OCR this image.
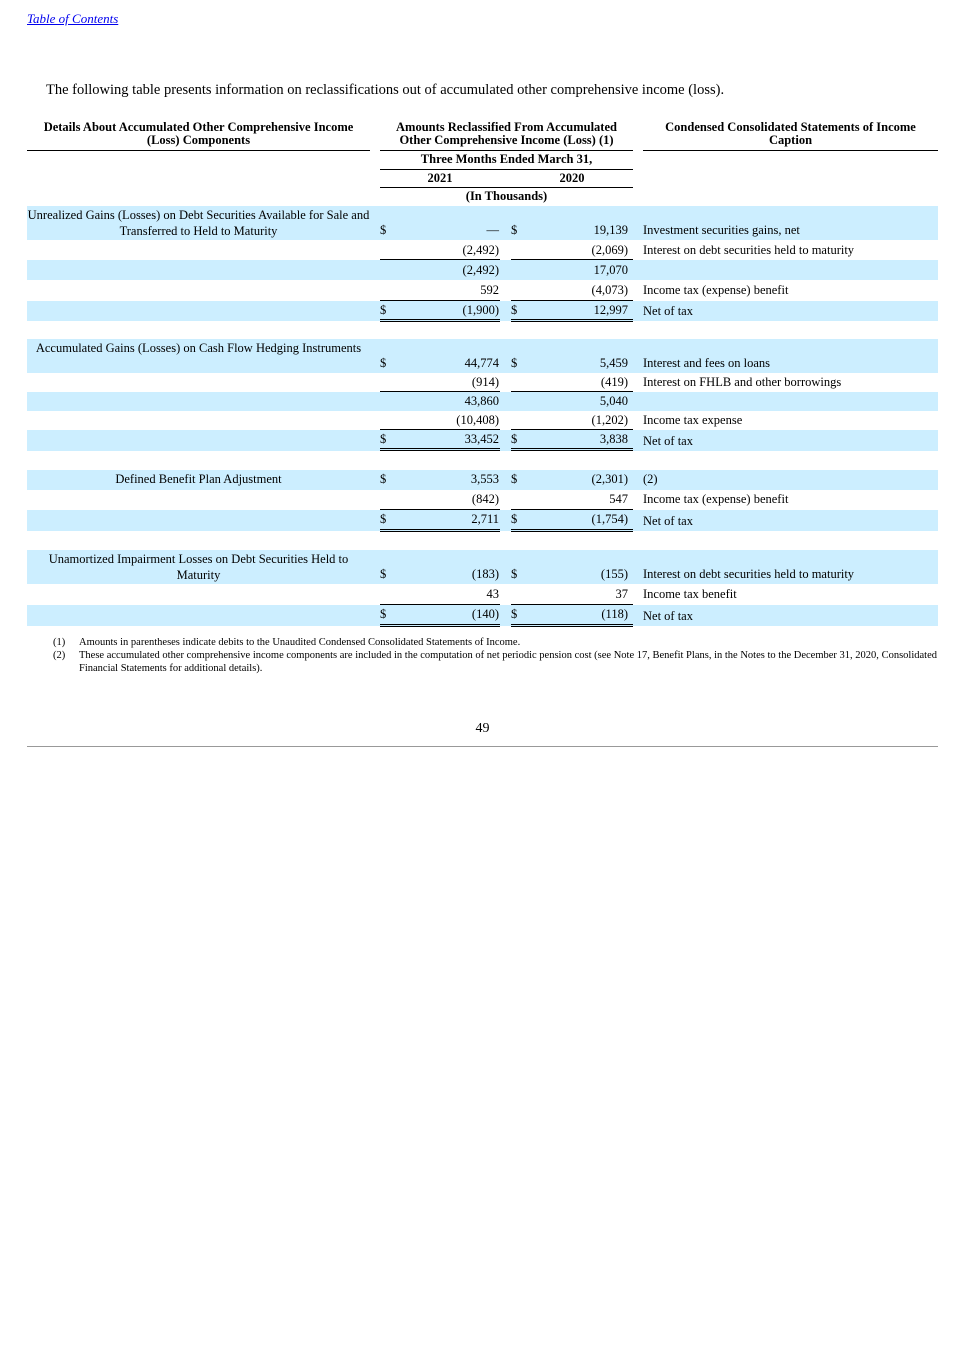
Table of Contents
The following table presents information on reclassifications out of accumulated other comprehensive income (loss).
Details About Accumulated Other Comprehensive Income (Loss) Components
Amounts Reclassified From Accumulated Other Comprehensive Income (Loss) (1)
Condensed Consolidated Statements of Income Caption
Three Months Ended March 31,
2021	2020
(In Thousands)
Unrealized Gains (Losses) on Debt Securities Available for Sale and Transferred to Held to Maturity	$	— $	19,139 Investment securities gains, net
(2,492)	(2,069) Interest on debt securities held to maturity
(2,492)	17,070
592	(4,073) Income tax (expense) benefit
$	(1,900) $	12,997 Net of tax
Accumulated Gains (Losses) on Cash Flow Hedging Instruments
$	44,774 $	5,459 Interest and fees on loans
(914)	(419) Interest on FHLB and other borrowings
43,860	5,040
(10,408)	(1,202) Income tax expense
$	33,452 $	3,838 Net of tax
Defined Benefit Plan Adjustment	$	3,553 $	(2,301) (2)
(842)	547 Income tax (expense) benefit
$	2,711 $	(1,754) Net of tax
Unamortized Impairment Losses on Debt Securities Held to Maturity	$	(183) $	(155) Interest on debt securities held to maturity
43	37 Income tax benefit
$	(140) $	(118) Net of tax
(1) Amounts in parentheses indicate debits to the Unaudited Condensed Consolidated Statements of Income.
(2) These accumulated other comprehensive income components are included in the computation of net periodic pension cost (see Note 17, Benefit Plans, in the Notes to the December 31, 2020, Consolidated Financial Statements for additional details).
49
